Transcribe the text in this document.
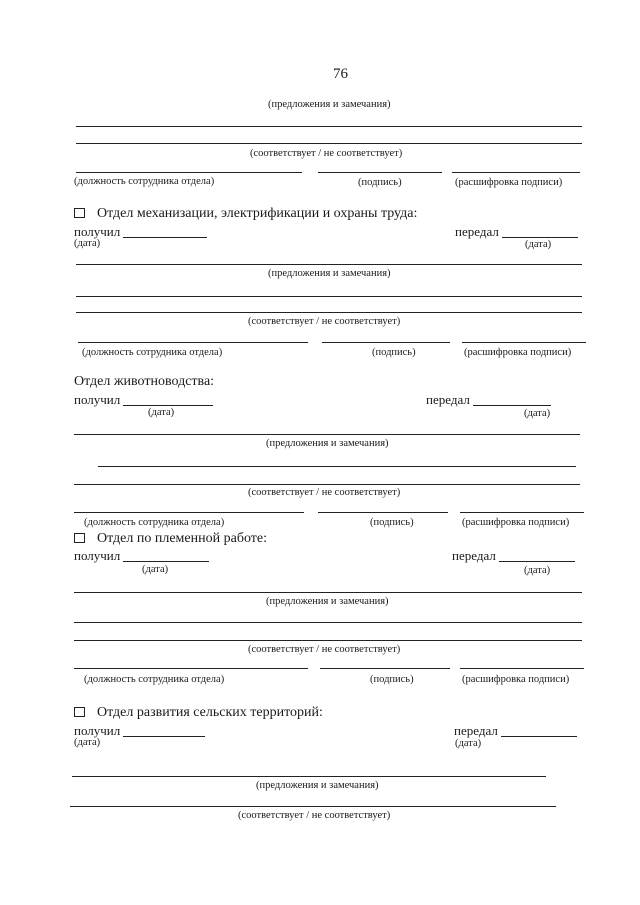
76
(предложения и замечания)
(соответствует / не соответствует)
(должность сотрудника отдела)	(подпись)	(расшифровка подписи)
Отдел механизации, электрификации и охраны труда:
получил
(дата)
передал
(дата)
(предложения и замечания)
(соответствует / не соответствует)
(должность сотрудника отдела)	(подпись)	(расшифровка подписи)
Отдел животноводства:
получил
(дата)
передал
(дата)
(предложения и замечания)
(соответствует / не соответствует)
(должность сотрудника отдела)	(подпись)	(расшифровка подписи)
Отдел по племенной работе:
получил
(дата)
передал
(дата)
(предложения и замечания)
(соответствует / не соответствует)
(должность сотрудника отдела)	(подпись)	(расшифровка подписи)
Отдел развития сельских территорий:
получил
(дата)
передал
(дата)
(предложения и замечания)
(соответствует / не соответствует)
